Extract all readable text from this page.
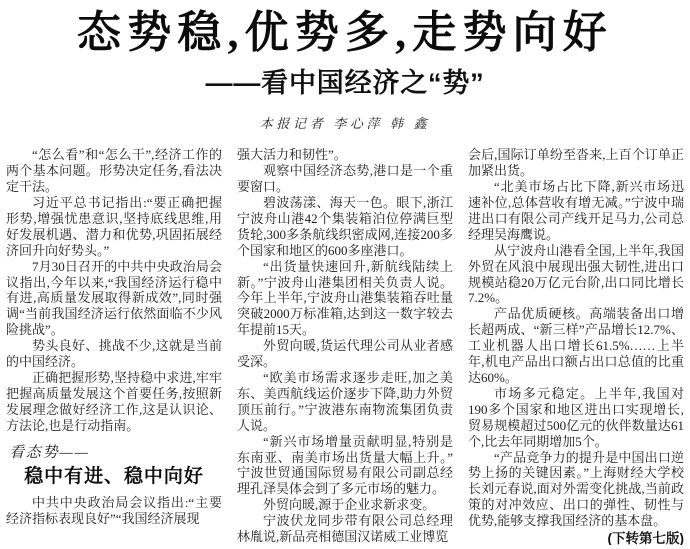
态势稳,优势多,走势向好
——看中国经济之“势”
本报记者 李心萍 韩 鑫

“怎么看”和“怎么干”,经济工作的两个基本问题。形势决定任务,看法决定干法。

习近平总书记指出:“要正确把握形势,增强忧患意识,坚持底线思维,用好发展机遇、潜力和优势,巩固拓展经济回升向好势头。”

7月30日召开的中共中央政治局会议指出,今年以来,“我国经济运行稳中有进,高质量发展取得新成效”,同时强调“当前我国经济运行依然面临不少风险挑战”。

势头良好、挑战不少,这就是当前的中国经济。

正确把握形势,坚持稳中求进,牢牢把握高质量发展这个首要任务,按照新发展理念做好经济工作,这是认识论、方法论,也是行动指南。

看态势——
稳中有进、稳中向好

中共中央政治局会议指出:“主要经济指标表现良好”“我国经济展现

强大活力和韧性”。

观察中国经济态势,港口是一个重要窗口。

碧波荡漾、海天一色。眼下,浙江宁波舟山港42个集装箱泊位停满巨型货轮,300多条航线织密成网,连接200多个国家和地区的600多座港口。

“出货量快速回升,新航线陆续上新。”宁波舟山港集团相关负责人说。今年上半年,宁波舟山港集装箱吞吐量突破2000万标准箱,达到这一数字较去年提前15天。

外贸向暖,货运代理公司从业者感受深。

“欧美市场需求逐步走旺,加之美东、美西航线运价逐步下降,助力外贸顶压前行。”宁波港东南物流集团负责人说。

“新兴市场增量贡献明显,特别是东南亚、南美市场出货量大幅上升。”宁波世贸通国际贸易有限公司副总经理孔泽昊体会到了多元市场的魅力。

外贸向暖,源于企业求新求变。

宁波伏龙同步带有限公司总经理林胤说,新品亮相德国汉诺威工业博览

会后,国际订单纷至沓来,上百个订单正加紧出货。

“北美市场占比下降,新兴市场迅速补位,总体营收有增无减。”宁波中瑞进出口有限公司产线开足马力,公司总经理吴海鹰说。

从宁波舟山港看全国,上半年,我国外贸在风浪中展现出强大韧性,进出口规模站稳20万亿元台阶,出口同比增长7.2%。

产品优质硬核。高端装备出口增长超两成、“新三样”产品增长12.7%、工业机器人出口增长61.5%……上半年,机电产品出口额占出口总值的比重达60%。

市场多元稳定。上半年,我国对190多个国家和地区进出口实现增长,贸易规模超过500亿元的伙伴数量达61个,比去年同期增加5个。

“产品竞争力的提升是中国出口逆势上扬的关键因素。”上海财经大学校长刘元春说,面对外需变化挑战,当前政策的对冲效应、出口的弹性、韧性与优势,能够支撑我国经济的基本盘。

(下转第七版)
